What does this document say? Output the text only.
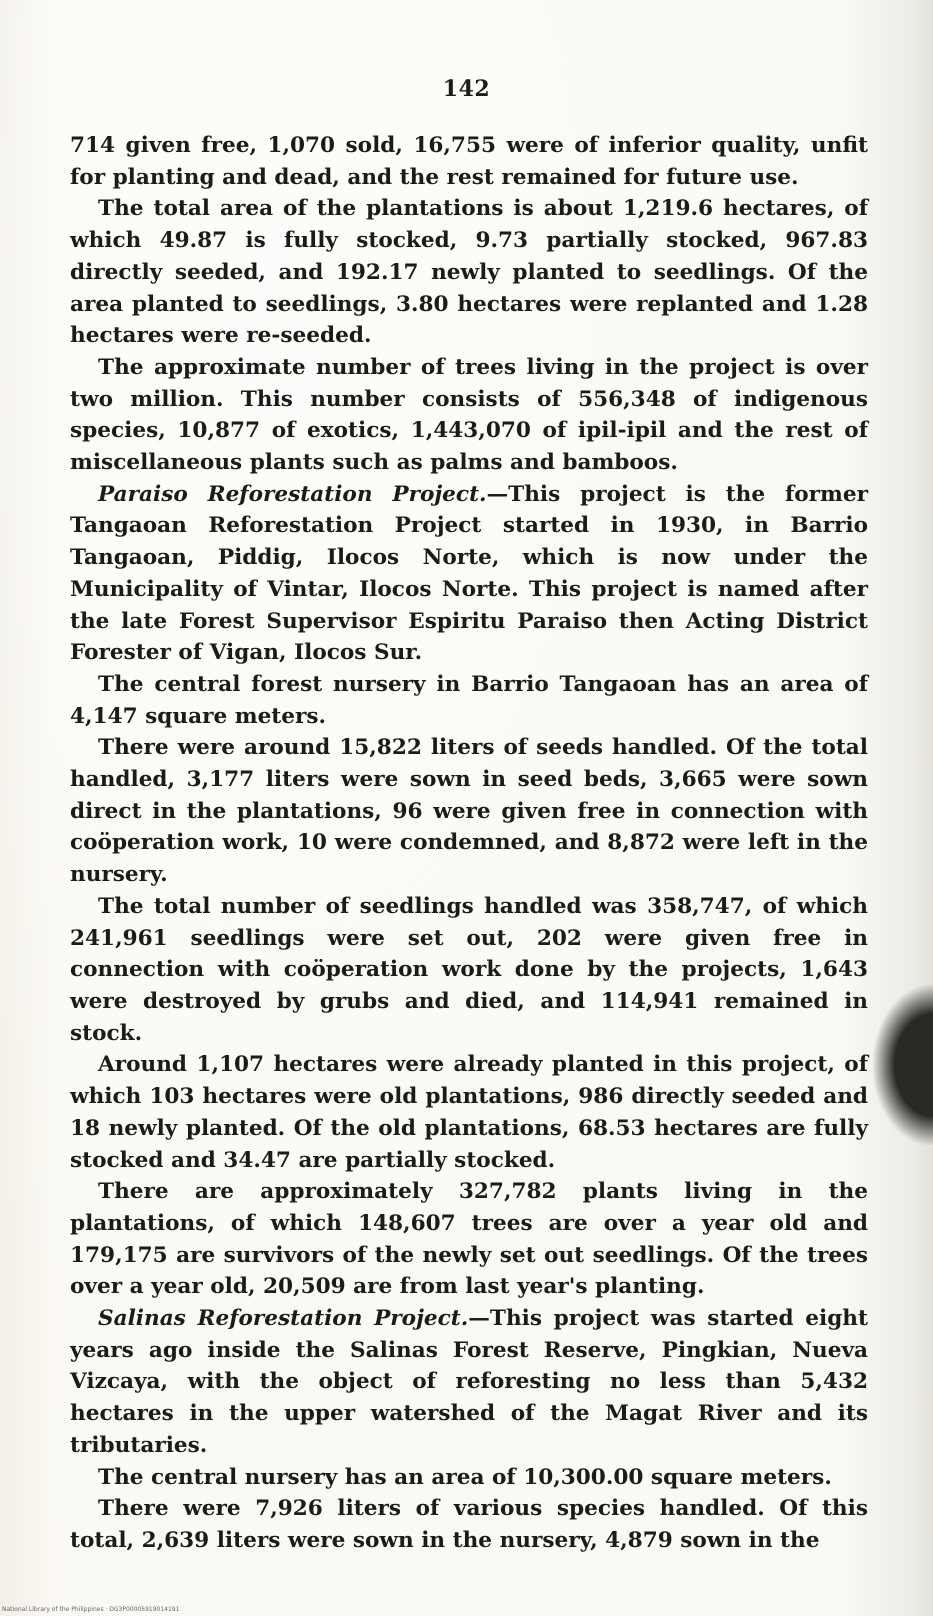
142

714 given free, 1,070 sold, 16,755 were of inferior quality, unfit for planting and dead, and the rest remained for future use.

The total area of the plantations is about 1,219.6 hectares, of which 49.87 is fully stocked, 9.73 partially stocked, 967.83 directly seeded, and 192.17 newly planted to seedlings. Of the area planted to seedlings, 3.80 hectares were replanted and 1.28 hectares were re-seeded.

The approximate number of trees living in the project is over two million. This number consists of 556,348 of indigenous species, 10,877 of exotics, 1,443,070 of ipil-ipil and the rest of miscellaneous plants such as palms and bamboos.

Paraiso Reforestation Project.—This project is the former Tangaoan Reforestation Project started in 1930, in Barrio Tangaoan, Piddig, Ilocos Norte, which is now under the Municipality of Vintar, Ilocos Norte. This project is named after the late Forest Supervisor Espiritu Paraiso then Acting District Forester of Vigan, Ilocos Sur.

The central forest nursery in Barrio Tangaoan has an area of 4,147 square meters.

There were around 15,822 liters of seeds handled. Of the total handled, 3,177 liters were sown in seed beds, 3,665 were sown direct in the plantations, 96 were given free in connection with coöperation work, 10 were condemned, and 8,872 were left in the nursery.

The total number of seedlings handled was 358,747, of which 241,961 seedlings were set out, 202 were given free in connection with coöperation work done by the projects, 1,643 were destroyed by grubs and died, and 114,941 remained in stock.

Around 1,107 hectares were already planted in this project, of which 103 hectares were old plantations, 986 directly seeded and 18 newly planted. Of the old plantations, 68.53 hectares are fully stocked and 34.47 are partially stocked.

There are approximately 327,782 plants living in the plantations, of which 148,607 trees are over a year old and 179,175 are survivors of the newly set out seedlings. Of the trees over a year old, 20,509 are from last year's planting.

Salinas Reforestation Project.—This project was started eight years ago inside the Salinas Forest Reserve, Pingkian, Nueva Vizcaya, with the object of reforesting no less than 5,432 hectares in the upper watershed of the Magat River and its tributaries.

The central nursery has an area of 10,300.00 square meters.

There were 7,926 liters of various species handled. Of this total, 2,639 liters were sown in the nursery, 4,879 sown in the

National Library of the Philippines · DG3P00005919014191
